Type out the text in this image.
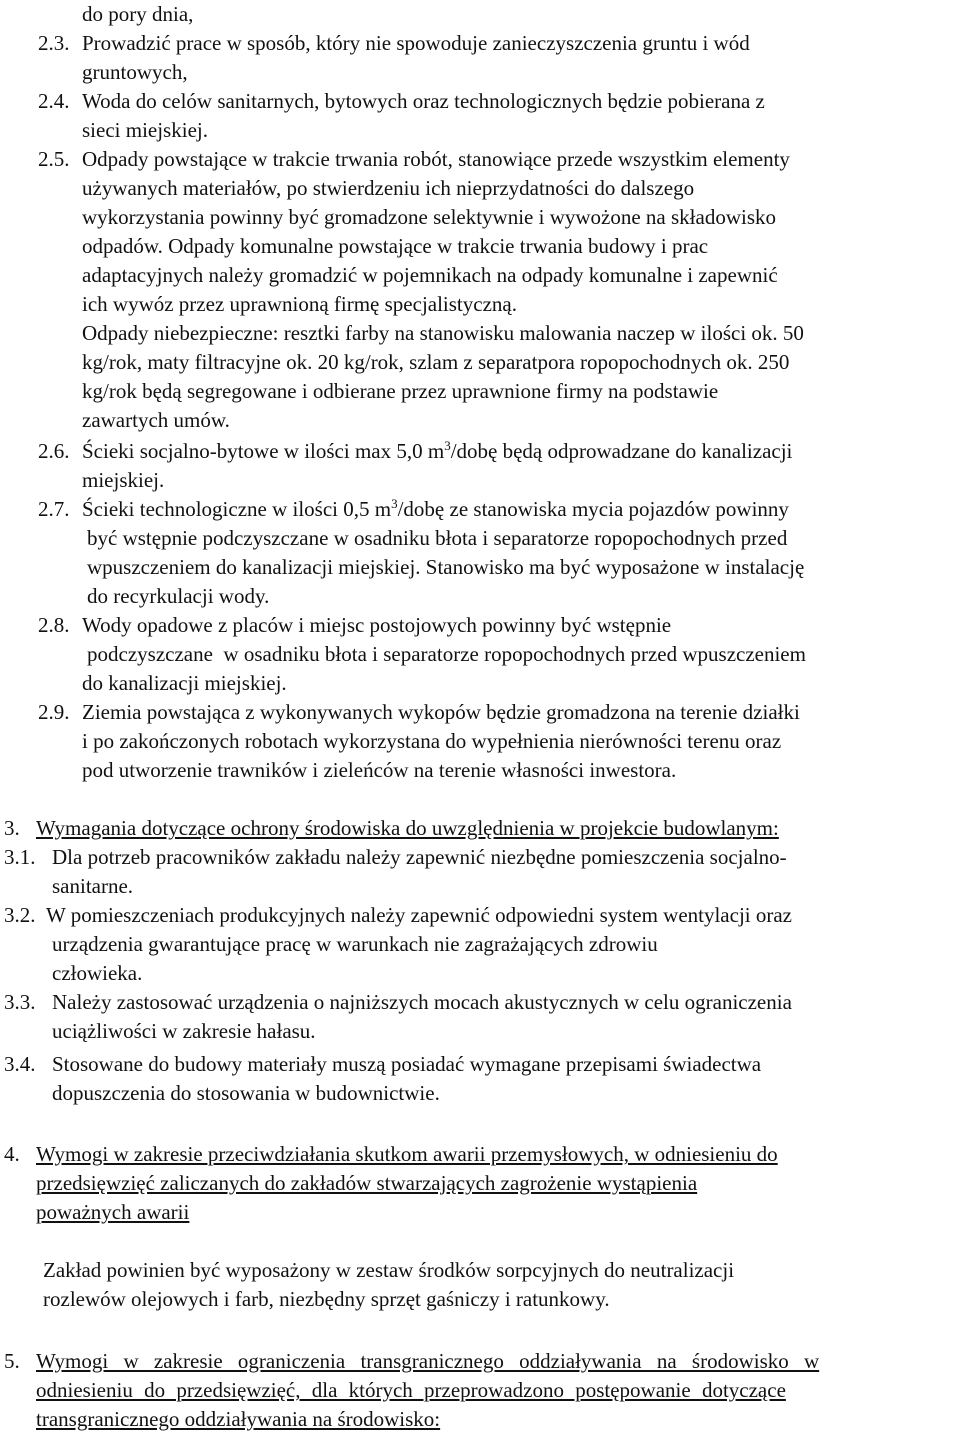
do pory dnia,
2.3. Prowadzić prace w sposób, który nie spowoduje zanieczyszczenia gruntu i wód
gruntowych,
2.4. Woda do celów sanitarnych, bytowych oraz technologicznych będzie pobierana z
sieci miejskiej.
2.5. Odpady powstające w trakcie trwania robót, stanowiące przede wszystkim elementy
używanych materiałów, po stwierdzeniu ich nieprzydatności do dalszego
wykorzystania powinny być gromadzone selektywnie i wywożone na składowisko
odpadów. Odpady komunalne powstające w trakcie trwania budowy i prac
adaptacyjnych należy gromadzić w pojemnikach na odpady komunalne i zapewnić
ich wywóz przez uprawnioną firmę specjalistyczną.
Odpady niebezpieczne: resztki farby na stanowisku malowania naczep w ilości ok. 50
kg/rok, maty filtracyjne ok. 20 kg/rok, szlam z separatpora ropopochodnych ok. 250
kg/rok będą segregowane i odbierane przez uprawnione firmy na podstawie
zawartych umów.
2.6. Ścieki socjalno-bytowe w ilości max 5,0 $m^3$/dobę będą odprowadzane do kanalizacji
miejskiej.
2.7. Ścieki technologiczne w ilości 0,5 $m^3$/dobę ze stanowiska mycia pojazdów powinny
być wstępnie podczyszczane w osadniku błota i separatorze ropopochodnych przed
wpuszczeniem do kanalizacji miejskiej. Stanowisko ma być wyposażone w instalację
do recyrkulacji wody.
2.8. Wody opadowe z placów i miejsc postojowych powinny być wstępnie
podczyszczane  w osadniku błota i separatorze ropopochodnych przed wpuszczeniem
do kanalizacji miejskiej.
2.9. Ziemia powstająca z wykonywanych wykopów będzie gromadzona na terenie działki
i po zakończonych robotach wykorzystana do wypełnienia nierówności terenu oraz
pod utworzenie trawników i zieleńców na terenie własności inwestora.
3. Wymagania dotyczące ochrony środowiska do uwzględnienia w projekcie budowlanym:
3.1. Dla potrzeb pracowników zakładu należy zapewnić niezbędne pomieszczenia socjalno-
sanitarne.
3.2. W pomieszczeniach produkcyjnych należy zapewnić odpowiedni system wentylacji oraz
urządzenia gwarantujące pracę w warunkach nie zagrażających zdrowiu
człowieka.
3.3. Należy zastosować urządzenia o najniższych mocach akustycznych w celu ograniczenia
uciążliwości w zakresie hałasu.
3.4. Stosowane do budowy materiały muszą posiadać wymagane przepisami świadectwa
dopuszczenia do stosowania w budownictwie.
4. Wymogi w zakresie przeciwdziałania skutkom awarii przemysłowych, w odniesieniu do
przedsięwzięć zaliczanych do zakładów stwarzających zagrożenie wystąpienia
poważnych awarii
Zakład powinien być wyposażony w zestaw środków sorpcyjnych do neutralizacji
rozlewów olejowych i farb, niezbędny sprzęt gaśniczy i ratunkowy.
5. Wymogi w zakresie ograniczenia transgranicznego oddziaływania na środowisko w
odniesieniu do przedsięwzięć, dla których przeprowadzono postępowanie dotyczące
transgranicznego oddziaływania na środowisko:
